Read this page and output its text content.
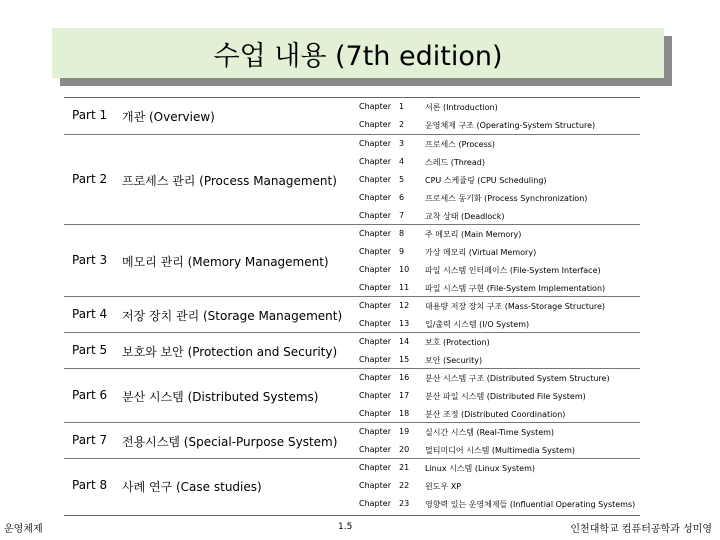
수업 내용 (7th edition)
Part 1 개관 (Overview)
Chapter 1	서론 (Introduction)
Chapter 2	운영체제 구조 (Operating-System Structure)
Part 2 프로세스 관리 (Process Management)
Chapter 3	프로세스 (Process)
Chapter 4	스레드 (Thread)
Chapter 5	CPU 스케쥴링 (CPU Scheduling)
Chapter 6	프로세스 동기화 (Process Synchronization)
Chapter 7	교착 상태 (Deadlock)
Part 3 메모리 관리 (Memory Management)
Chapter 8	주 메모리 (Main Memory)
Chapter 9	가상 메모리 (Virtual Memory)
Chapter 10	파일 시스템 인터페이스 (File-System Interface)
Chapter 11	파일 시스템 구현 (File-System Implementation)
Part 4 저장 장치 관리 (Storage Management)
Chapter 12	대용량 저장 장치 구조 (Mass-Storage Structure)
Chapter 13	입/출력 시스템 (I/O System)
Part 5 보호와 보안 (Protection and Security)
Chapter 14	보호 (Protection)
Chapter 15	보안 (Security)
Part 6 분산 시스템 (Distributed Systems)
Chapter 16	분산 시스템 구조 (Distributed System Structure)
Chapter 17	분산 파일 시스템 (Distributed File System)
Chapter 18	분산 조정 (Distributed Coordination)
Part 7 전용시스템 (Special-Purpose System)
Chapter 19	실시간 시스템 (Real-Time System)
Chapter 20	멀티미디어 시스템 (Multimedia System)
Part 8 사례 연구 (Case studies)
Chapter 21	Linux 시스템 (Linux System)
Chapter 22	윈도우 XP
Chapter 23	영향력 있는 운영체제들 (Influential Operating Systems)
운영체제	1.5	인천대학교 컴퓨터공학과 성미영
